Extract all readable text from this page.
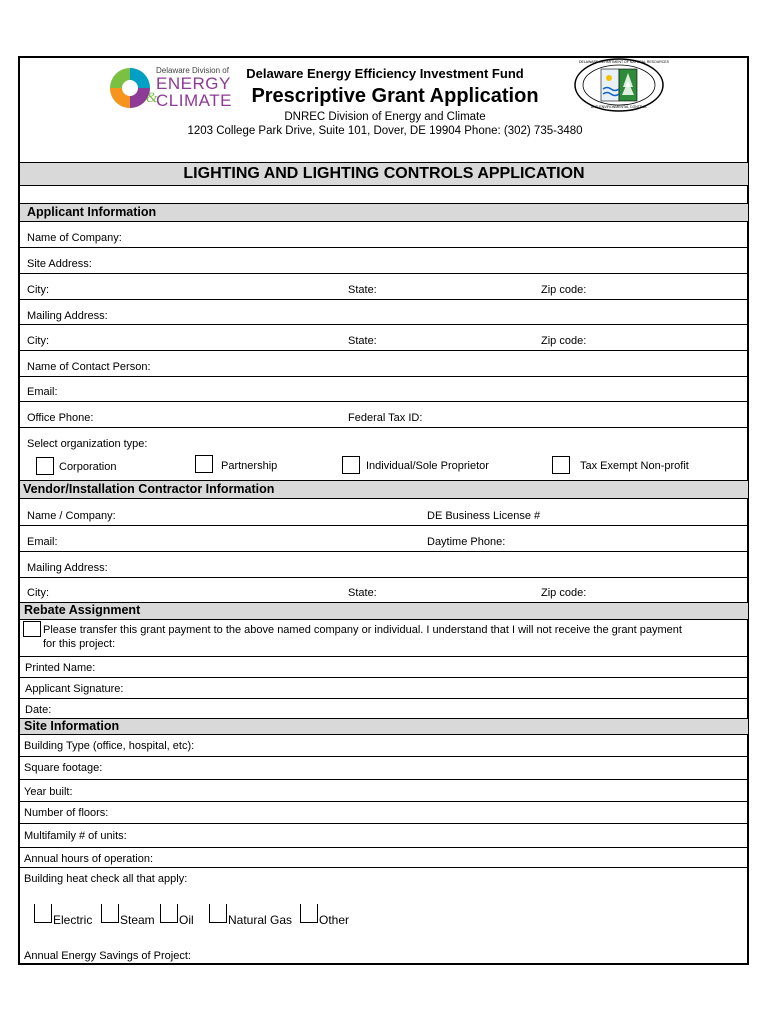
Delaware Division of
ENERGY
&
CLIMATE
Delaware Energy Efficiency Investment Fund
Prescriptive Grant Application
DNREC Division of Energy and Climate
1203 College Park Drive, Suite 101, Dover, DE 19904 Phone: (302) 735-3480
DELAWARE DEPARTMENT OF NATURAL RESOURCES
AND ENVIRONMENTAL CONTROL
LIGHTING AND LIGHTING CONTROLS APPLICATION
Applicant Information
Name of Company:
Site Address:
City:	State:	Zip code:
Mailing Address:
City:	State:	Zip code:
Name of Contact Person:
Email:
Office Phone:	Federal Tax ID:
Select organization type:
Corporation	Partnership	Individual/Sole Proprietor	Tax Exempt Non-profit
Vendor/Installation Contractor Information
Name / Company:	DE Business License #
Email:	Daytime Phone:
Mailing Address:
City:	State:	Zip code:
Rebate Assignment
Please transfer this grant payment to the above named company or individual. I understand that I will not receive the grant payment
for this project:
Printed Name:
Applicant Signature:
Date:
Site Information
Building Type (office, hospital, etc):
Square footage:
Year built:
Number of floors:
Multifamily # of units:
Annual hours of operation:
Building heat check all that apply:
Electric Steam Oil	Natural Gas Other
Annual Energy Savings of Project:
